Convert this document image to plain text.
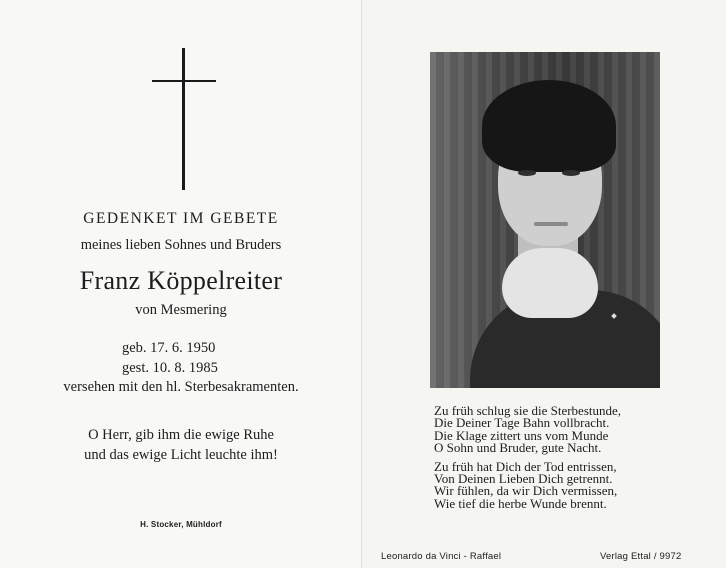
GEDENKET IM GEBETE
meines lieben Sohnes und Bruders
Franz Köppelreiter
von Mesmering
geb. 17. 6. 1950
gest. 10. 8. 1985
versehen mit den hl. Sterbesakramenten.
O Herr, gib ihm die ewige Ruhe
und das ewige Licht leuchte ihm!
H. Stocker, Mühldorf
Zu früh schlug sie die Sterbestunde,
Die Deiner Tage Bahn vollbracht.
Die Klage zittert uns vom Munde
O Sohn und Bruder, gute Nacht.
Zu früh hat Dich der Tod entrissen,
Von Deinen Lieben Dich getrennt.
Wir fühlen, da wir Dich vermissen,
Wie tief die herbe Wunde brennt.
Leonardo da Vinci - Raffael	Verlag Ettal / 9972
